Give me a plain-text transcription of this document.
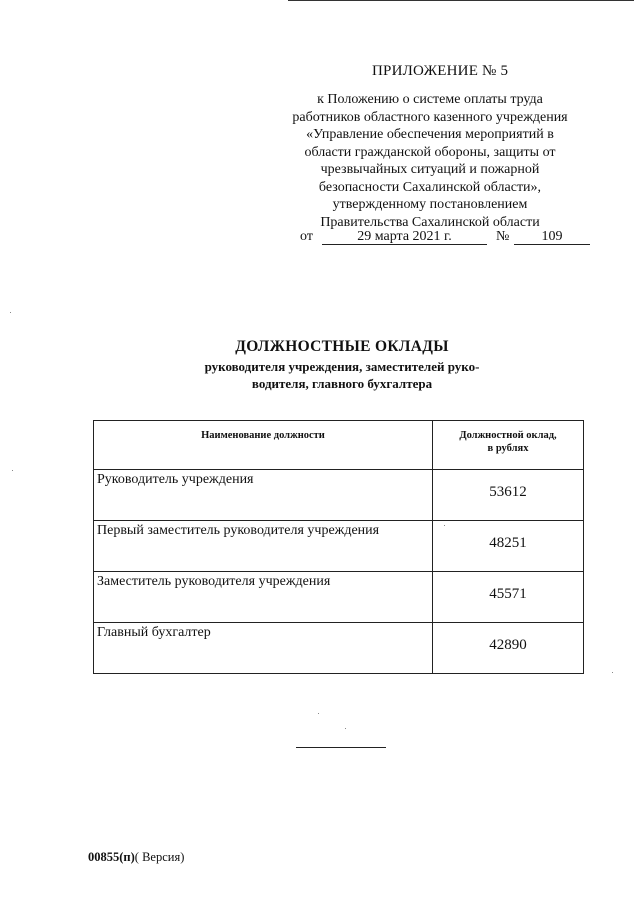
ПРИЛОЖЕНИЕ № 5
к Положению о системе оплаты труда
работников областного казенного учреждения
«Управление обеспечения мероприятий в
области гражданской обороны, защиты от
чрезвычайных ситуаций и пожарной
безопасности Сахалинской области»,
утвержденному постановлением
Правительства Сахалинской области
от	29 марта 2021 г.	№	109
ДОЛЖНОСТНЫЕ ОКЛАДЫ
руководителя учреждения, заместителей руко-
водителя, главного бухгалтера
Наименование должности	Должностной оклад,
в рублях

Руководитель учреждения	53612
Первый заместитель руководителя учреждения	48251
Заместитель руководителя учреждения	45571
Главный бухгалтер	42890
00855(п)( Версия)
